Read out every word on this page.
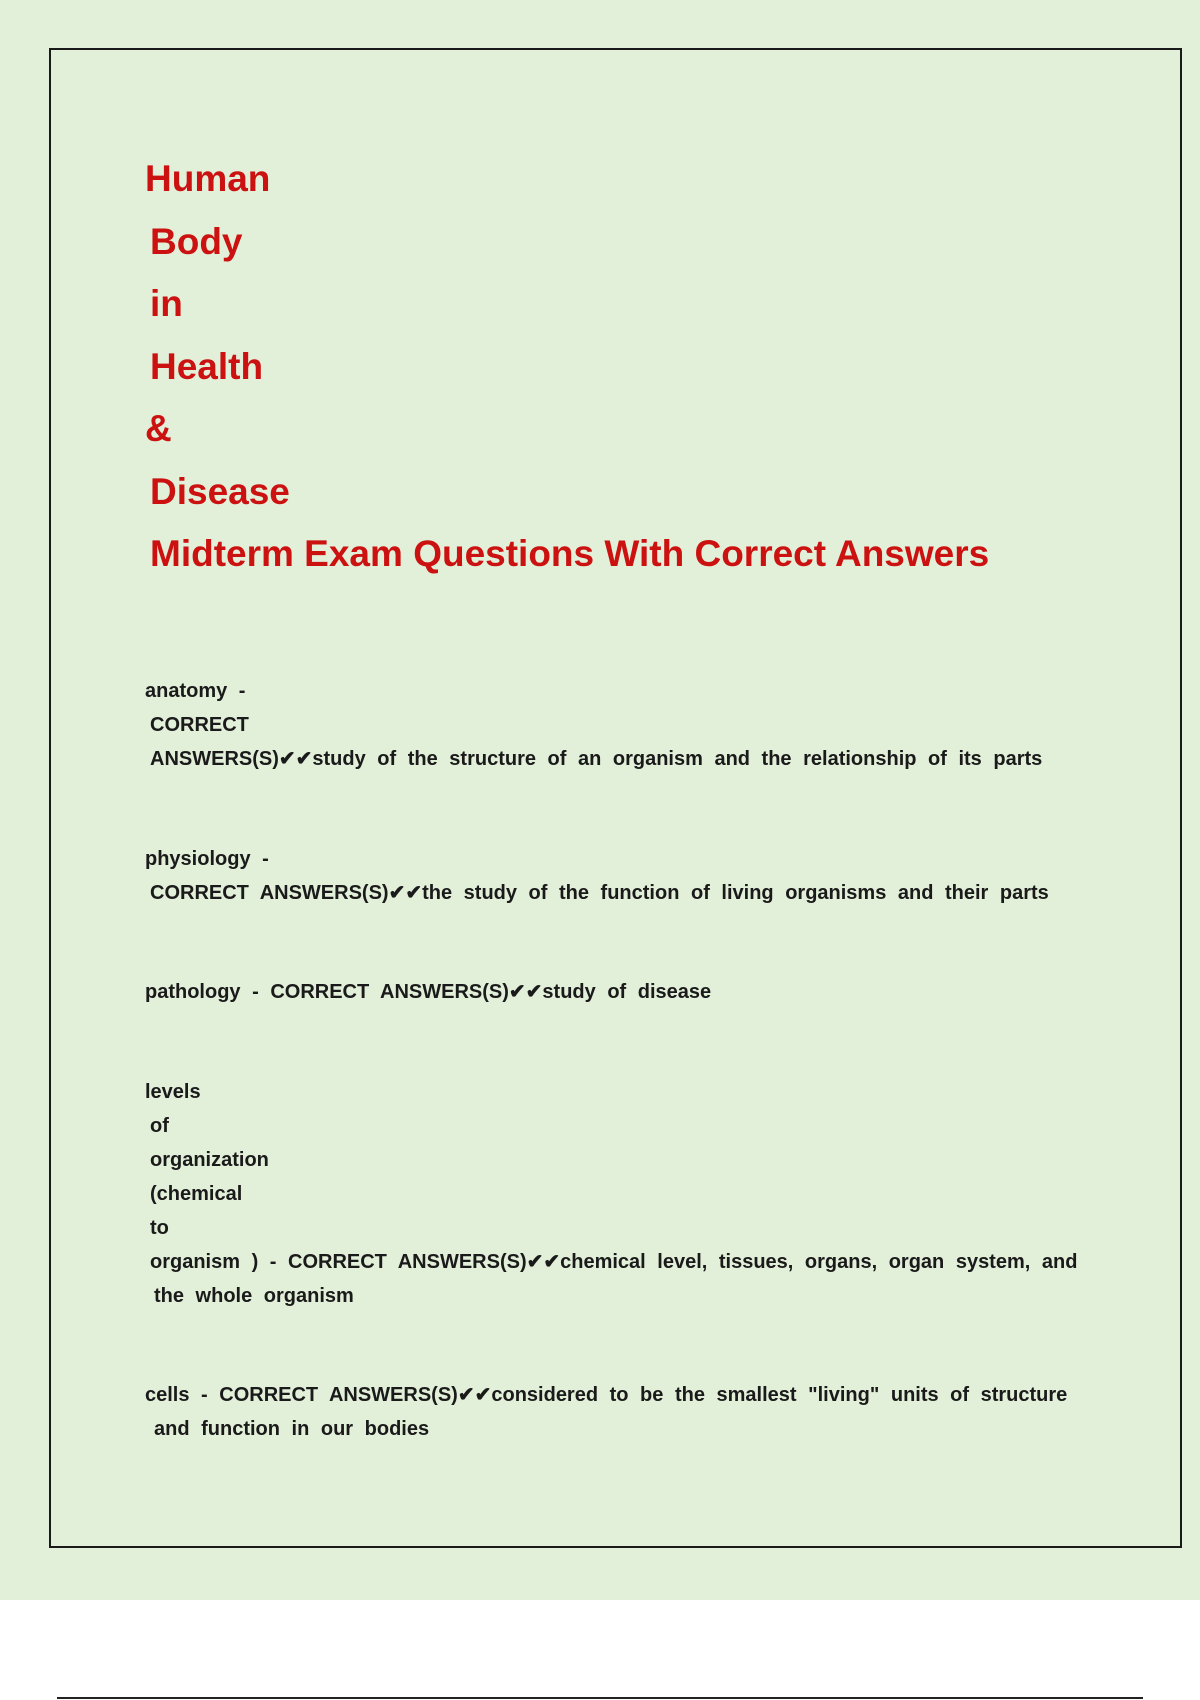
Human
Body
in
Health
&
Disease
Midterm Exam Questions With Correct Answers
anatomy -
CORRECT
ANSWERS(S)✔✔study of the structure of an organism and the relationship of its parts
physiology -
CORRECT ANSWERS(S)✔✔the study of the function of living organisms and their parts
pathology - CORRECT ANSWERS(S)✔✔study of disease
levels
of
organization
(chemical
to
organism ) - CORRECT ANSWERS(S)✔✔chemical level, tissues, organs, organ system, and
the whole organism
cells - CORRECT ANSWERS(S)✔✔considered to be the smallest "living" units of structure
and function in our bodies
